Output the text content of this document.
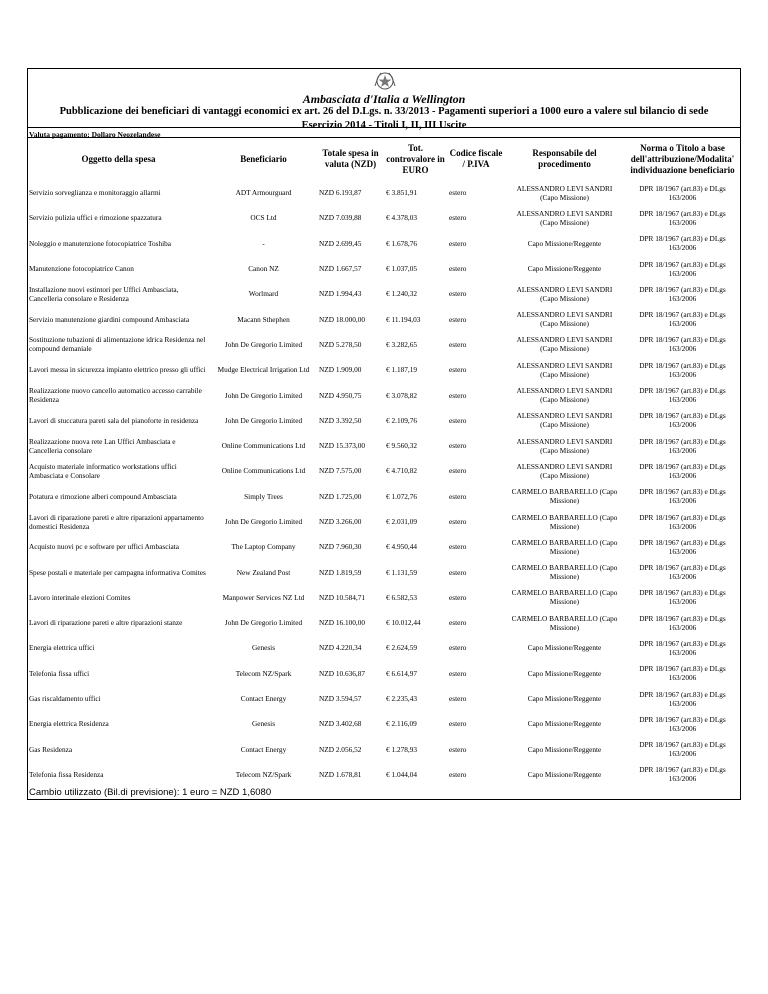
Ambasciata d'Italia a Wellington
Pubblicazione dei beneficiari di vantaggi economici ex art. 26 del D.Lgs. n. 33/2013 - Pagamenti superiori a 1000 euro a valere sul bilancio di sede
Esercizio 2014 - Titoli I, II, III Uscite
Valuta pagamento: Dollaro Neozelandese
Oggetto della spesa	Beneficiario	Totale spesa in valuta (NZD)	Tot. controvalore in EURO	Codice fiscale / P.IVA	Responsabile del procedimento	Norma o Titolo a base dell'attribuzione/Modalita' individuazione beneficiario
Servizio sorveglianza e monitoraggio allarmi	ADT Armourguard	NZD 6.193,87	€ 3.851,91	estero	ALESSANDRO LEVI SANDRI (Capo Missione)	DPR 18/1967 (art.83) e DLgs 163/2006
Servizio pulizia uffici e rimozione spazzatura	OCS Ltd	NZD 7.039,88	€ 4.378,03	estero	ALESSANDRO LEVI SANDRI (Capo Missione)	DPR 18/1967 (art.83) e DLgs 163/2006
Noleggio e manutenzione fotocopiatrice Toshiba	-	NZD 2.699,45	€ 1.678,76	estero	Capo Missione/Reggente	DPR 18/1967 (art.83) e DLgs 163/2006
Manutenzione fotocopiatrice Canon	Canon NZ	NZD 1.667,57	€ 1.037,05	estero	Capo Missione/Reggente	DPR 18/1967 (art.83) e DLgs 163/2006
Installazione nuovi estintori per Uffici Ambasciata, Cancelleria consolare e Residenza	Worlmard	NZD 1.994,43	€ 1.240,32	estero	ALESSANDRO LEVI SANDRI (Capo Missione)	DPR 18/1967 (art.83) e DLgs 163/2006
Servizio manutenzione giardini compound Ambasciata	Macann Sthephen	NZD 18.000,00	€ 11.194,03	estero	ALESSANDRO LEVI SANDRI (Capo Missione)	DPR 18/1967 (art.83) e DLgs 163/2006
Sostituzione tubazioni di alimentazione idrica Residenza nel compound demaniale	John De Gregorio Limited	NZD 5.278,50	€ 3.282,65	estero	ALESSANDRO LEVI SANDRI (Capo Missione)	DPR 18/1967 (art.83) e DLgs 163/2006
Lavori messa in sicurezza impianto elettrico presso gli uffici	Mudge Electrical Irrigation Ltd	NZD 1.909,00	€ 1.187,19	estero	ALESSANDRO LEVI SANDRI (Capo Missione)	DPR 18/1967 (art.83) e DLgs 163/2006
Realizzazione nuovo cancello automatico accesso carrabile Residenza	John De Gregorio Limited	NZD 4.950,75	€ 3.078,82	estero	ALESSANDRO LEVI SANDRI (Capo Missione)	DPR 18/1967 (art.83) e DLgs 163/2006
Lavori di stuccatura pareti sala del pianoforte in residenza	John De Gregorio Limited	NZD 3.392,50	€ 2.109,76	estero	ALESSANDRO LEVI SANDRI (Capo Missione)	DPR 18/1967 (art.83) e DLgs 163/2006
Realizzazione nuova rete Lan Uffici Ambasciata e Cancelleria consolare	Online Communications Ltd	NZD 15.373,00	€ 9.560,32	estero	ALESSANDRO LEVI SANDRI (Capo Missione)	DPR 18/1967 (art.83) e DLgs 163/2006
Acquisto materiale informatico workstations uffici Ambasciata e Consolare	Online Communications Ltd	NZD 7.575,00	€ 4.710,82	estero	ALESSANDRO LEVI SANDRI (Capo Missione)	DPR 18/1967 (art.83) e DLgs 163/2006
Potatura e rimozione alberi compound Ambasciata	Simply Trees	NZD 1.725,00	€ 1.072,76	estero	CARMELO BARBARELLO (Capo Missione)	DPR 18/1967 (art.83) e DLgs 163/2006
Lavori di riparazione pareti e altre riparazioni appartamento domestici Residenza	John De Gregorio Limited	NZD 3.266,00	€ 2.031,09	estero	CARMELO BARBARELLO (Capo Missione)	DPR 18/1967 (art.83) e DLgs 163/2006
Acquisto nuovi pc e software per uffici Ambasciata	The Laptop Company	NZD 7.960,30	€ 4.950,44	estero	CARMELO BARBARELLO (Capo Missione)	DPR 18/1967 (art.83) e DLgs 163/2006
Spese postali e materiale per campagna informativa Comites	New Zealand Post	NZD 1.819,59	€ 1.131,59	estero	CARMELO BARBARELLO (Capo Missione)	DPR 18/1967 (art.83) e DLgs 163/2006
Lavoro interinale elezioni Comites	Manpower Services NZ Ltd	NZD 10.584,71	€ 6.582,53	estero	CARMELO BARBARELLO (Capo Missione)	DPR 18/1967 (art.83) e DLgs 163/2006
Lavori di riparazione pareti e altre riparazioni stanze	John De Gregorio Limited	NZD 16.100,00	€ 10.012,44	estero	CARMELO BARBARELLO (Capo Missione)	DPR 18/1967 (art.83) e DLgs 163/2006
Energia elettrica uffici	Genesis	NZD 4.220,34	€ 2.624,59	estero	Capo Missione/Reggente	DPR 18/1967 (art.83) e DLgs 163/2006
Telefonia fissa uffici	Telecom NZ/Spark	NZD 10.636,87	€ 6.614,97	estero	Capo Missione/Reggente	DPR 18/1967 (art.83) e DLgs 163/2006
Gas riscaldamento uffici	Contact Energy	NZD 3.594,57	€ 2.235,43	estero	Capo Missione/Reggente	DPR 18/1967 (art.83) e DLgs 163/2006
Energia elettrica Residenza	Genesis	NZD 3.402,68	€ 2.116,09	estero	Capo Missione/Reggente	DPR 18/1967 (art.83) e DLgs 163/2006
Gas Residenza	Contact Energy	NZD 2.056,52	€ 1.278,93	estero	Capo Missione/Reggente	DPR 18/1967 (art.83) e DLgs 163/2006
Telefonia fissa Residenza	Telecom NZ/Spark	NZD 1.678,81	€ 1.044,04	estero	Capo Missione/Reggente	DPR 18/1967 (art.83) e DLgs 163/2006
Cambio utilizzato (Bil.di previsione): 1 euro = NZD 1,6080
